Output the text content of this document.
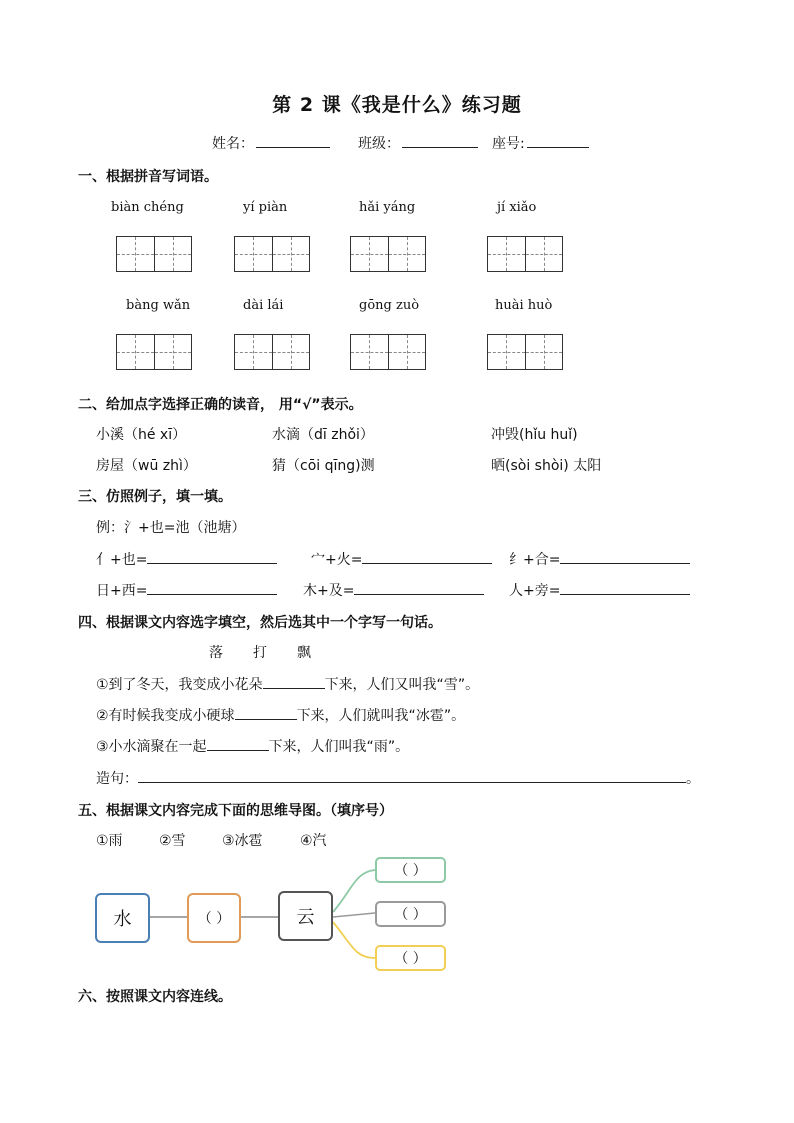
第 2 课《我是什么》练习题
姓名：	班级：	座号:
一、根据拼音写词语。
biàn chéng	yí piàn	hǎi yáng	jí xiǎo
bàng wǎn	dài lái	gōng zuò	huài huò
二、给加点字选择正确的读音， 用“√”表示。
小溪（hé xī）	水滴（dī zhǒi）	冲毁(hǐu huǐ)
房屋（wū zhì）	猜（cōi qīng)测	晒(sòi shòi) 太阳
三、仿照例子，填一填。
例：氵+也=池（池塘）
亻+也=	宀+火=	纟+合=
日+西=	木+及=	人+旁=
四、根据课文内容选字填空，然后选其中一个字写一句话。
落 打 飘
①到了冬天，我变成小花朵	下来，人们又叫我“雪”。
②有时候我变成小硬球	下来，人们就叫我“冰雹”。
③小水滴聚在一起	下来，人们叫我“雨”。
造句：	。
五、根据课文内容完成下面的思维导图。（填序号）
①雨	②雪	③冰雹	④汽
水	（ ）	云
（ ）
（ ）
（ ）
六、按照课文内容连线。
